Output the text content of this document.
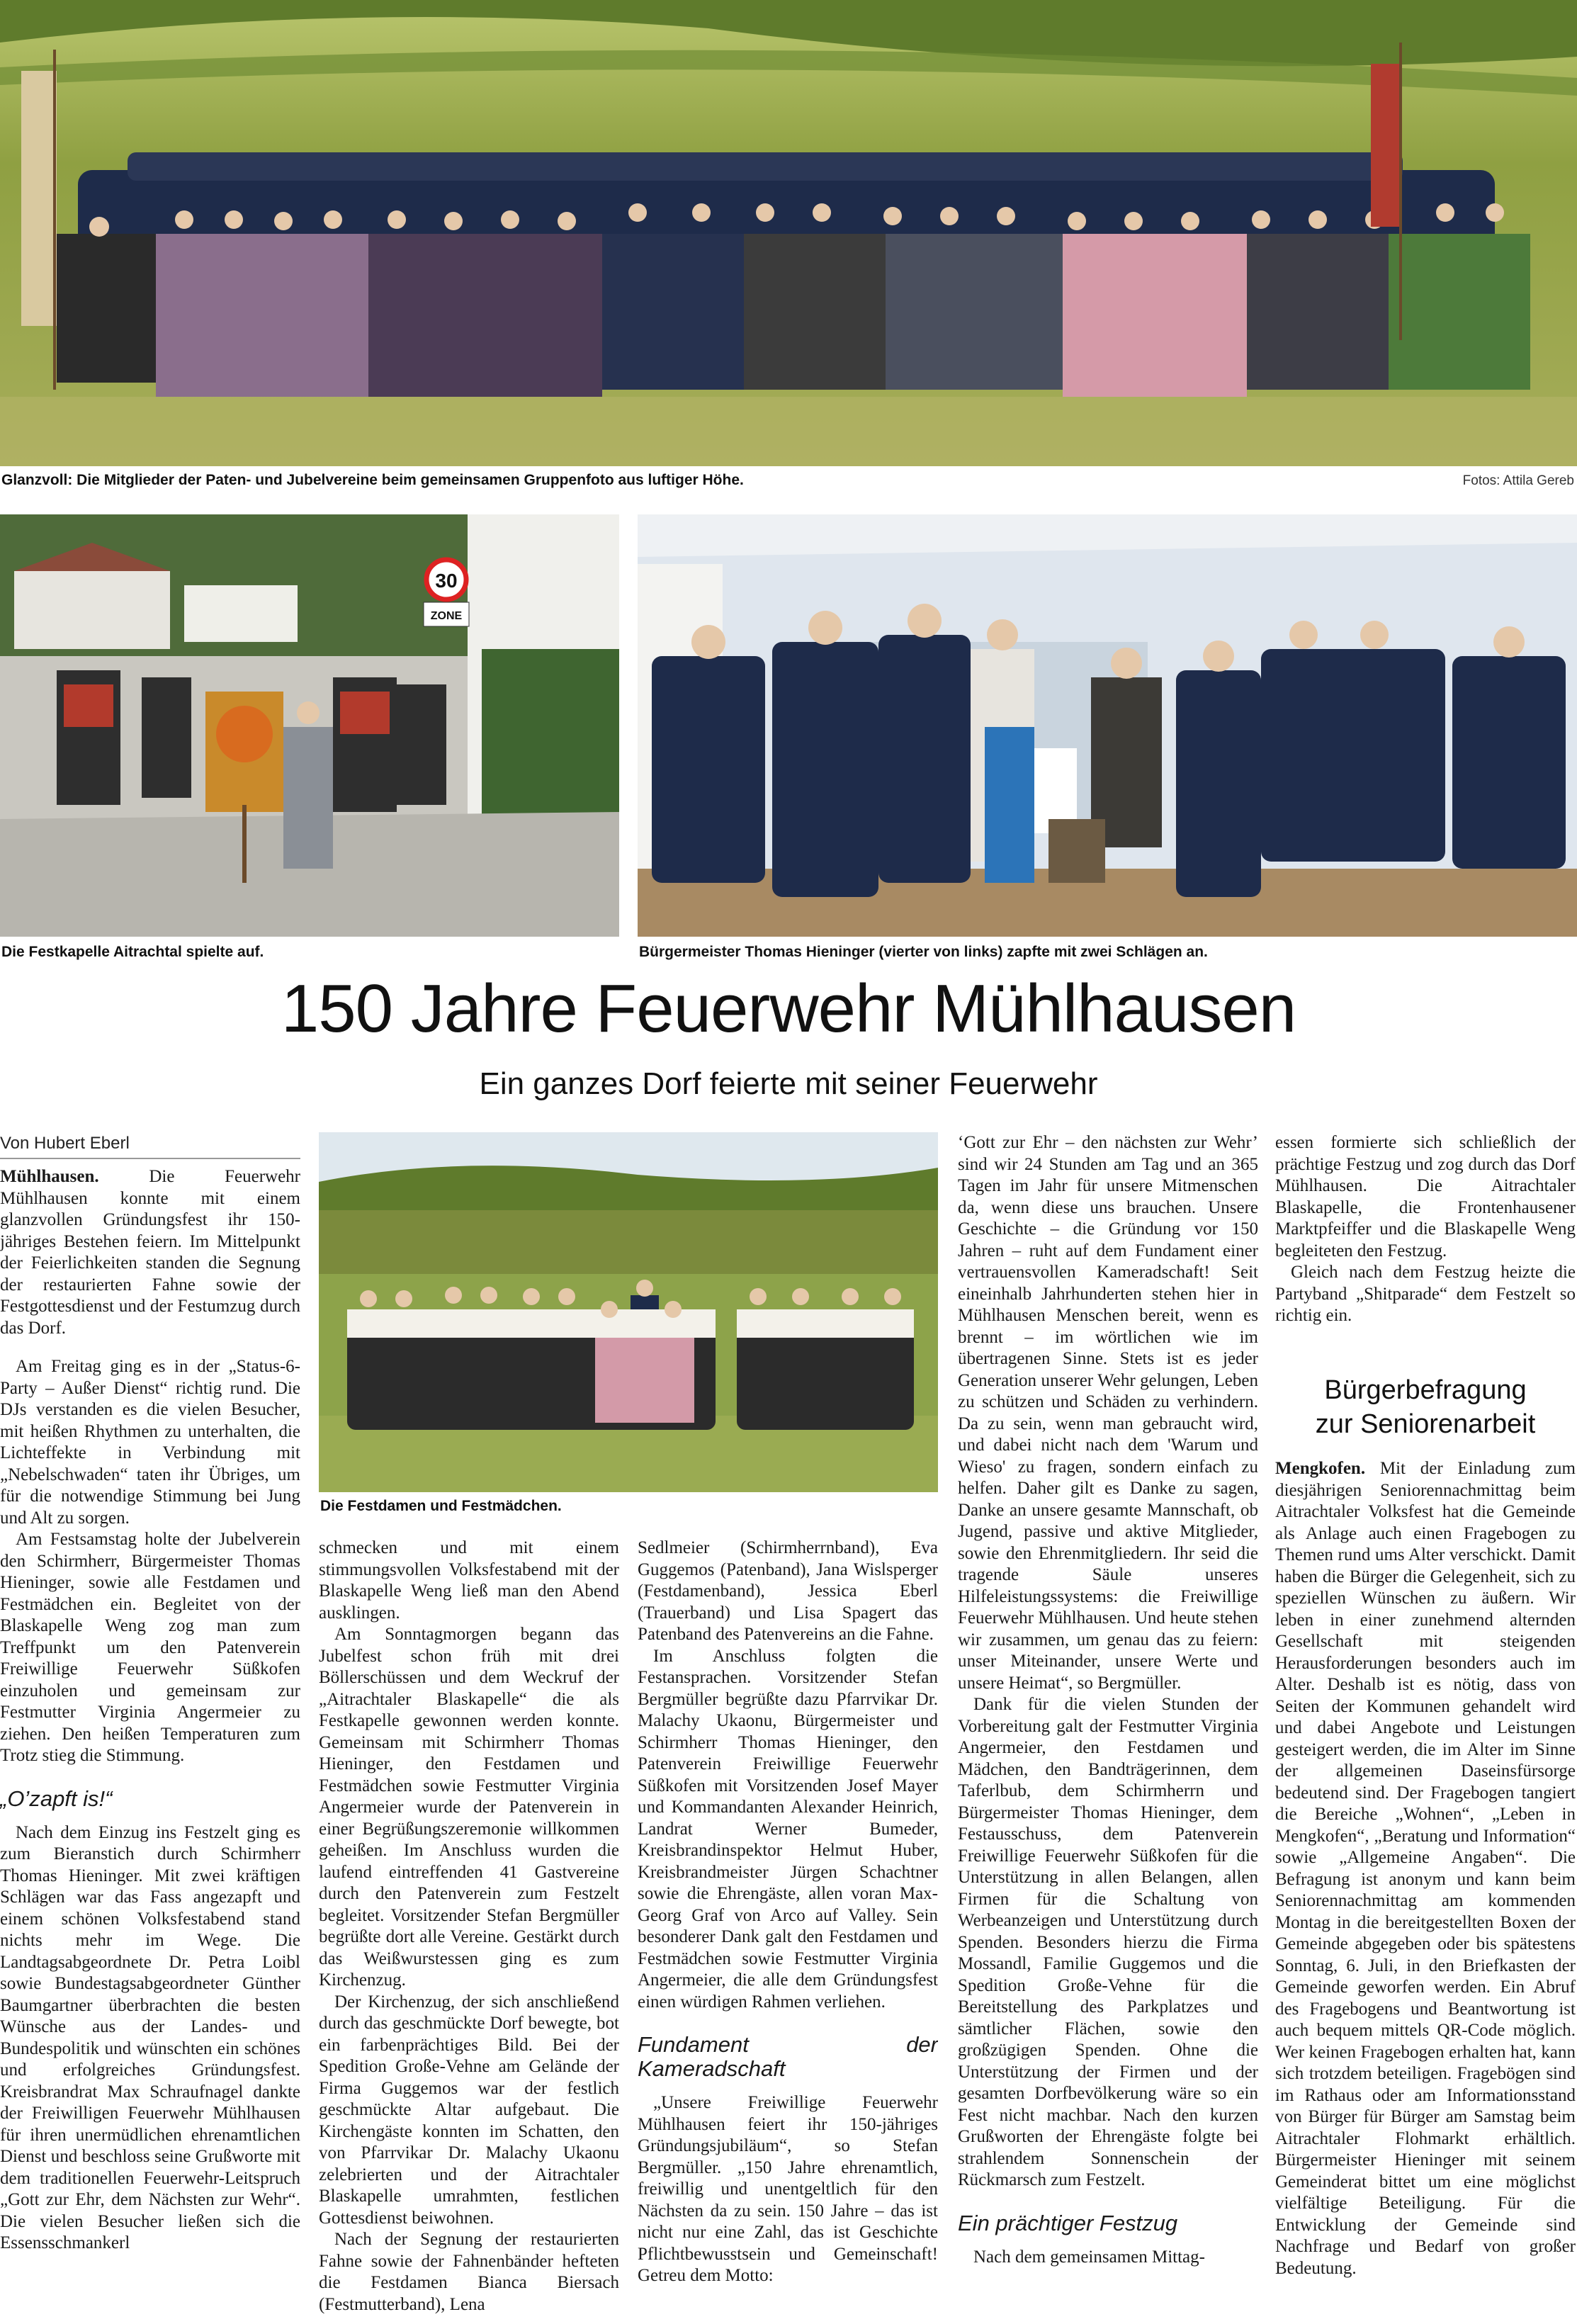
Glanzvoll: Die Mitglieder der Paten- und Jubelvereine beim gemeinsamen Gruppenfoto aus luftiger Höhe.	Fotos: Attila Gereb
30
ZONE
Die Festkapelle Aitrachtal spielte auf.	Bürgermeister Thomas Hieninger (vierter von links) zapfte mit zwei Schlägen an.
150 Jahre Feuerwehr Mühlhausen
Ein ganzes Dorf feierte mit seiner Feuerwehr
Von Hubert Eberl

Mühlhausen. Die Feuerwehr Mühlhausen konnte mit einem glanzvollen Gründungsfest ihr 150-jähriges Bestehen feiern. Im Mittelpunkt der Feierlichkeiten standen die Segnung der restaurierten Fahne sowie der Festgottesdienst und der Festumzug durch das Dorf.

Am Freitag ging es in der „Status-6-Party – Außer Dienst“ richtig rund. Die DJs verstanden es die vielen Besucher, mit heißen Rhythmen zu unterhalten, die Lichteffekte in Verbindung mit „Nebelschwaden“ taten ihr Übriges, um für die notwendige Stimmung bei Jung und Alt zu sorgen.

Am Festsamstag holte der Jubelverein den Schirmherr, Bürgermeister Thomas Hieninger, sowie alle Festdamen und Festmädchen ein. Begleitet von der Blaskapelle Weng zog man zum Treffpunkt um den Patenverein Freiwillige Feuerwehr Süßkofen einzuholen und gemeinsam zur Festmutter Virginia Angermeier zu ziehen. Den heißen Temperaturen zum Trotz stieg die Stimmung.

„O’zapft is!“

Nach dem Einzug ins Festzelt ging es zum Bieranstich durch Schirmherr Thomas Hieninger. Mit zwei kräftigen Schlägen war das Fass angezapft und einem schönen Volksfestabend stand nichts mehr im Wege. Die Landtagsabgeordnete Dr. Petra Loibl sowie Bundestagsabgeordneter Günther Baumgartner überbrachten die besten Wünsche aus der Landes- und Bundespolitik und wünschten ein schönes und erfolgreiches Gründungsfest. Kreisbrandrat Max Schraufnagel dankte der Freiwilligen Feuerwehr Mühlhausen für ihren unermüdlichen ehrenamtlichen Dienst und beschloss seine Grußworte mit dem traditionellen Feuerwehr-Leitspruch „Gott zur Ehr, dem Nächsten zur Wehr“. Die vielen Besucher ließen sich die Essensschmankerl

Die Festdamen und Festmädchen.

schmecken und mit einem stimmungsvollen Volksfestabend mit der Blaskapelle Weng ließ man den Abend ausklingen.

Am Sonntagmorgen begann das Jubelfest schon früh mit drei Böllerschüssen und dem Weckruf der „Aitrachtaler Blaskapelle“ die als Festkapelle gewonnen werden konnte. Gemeinsam mit Schirmherr Thomas Hieninger, den Festdamen und Festmädchen sowie Festmutter Virginia Angermeier wurde der Patenverein in einer Begrüßungszeremonie willkommen geheißen. Im Anschluss wurden die laufend eintreffenden 41 Gastvereine durch den Patenverein zum Festzelt begleitet. Vorsitzender Stefan Bergmüller begrüßte dort alle Vereine. Gestärkt durch das Weißwurstessen ging es zum Kirchenzug.

Der Kirchenzug, der sich anschließend durch das geschmückte Dorf bewegte, bot ein farbenprächtiges Bild. Bei der Spedition Große-Vehne am Gelände der Firma Guggemos war der festlich geschmückte Altar aufgebaut. Die Kirchengäste konnten im Schatten, den von Pfarrvikar Dr. Malachy Ukaonu zelebrierten und der Aitrachtaler Blaskapelle umrahmten, festlichen Gottesdienst beiwohnen.

Nach der Segnung der restaurierten Fahne sowie der Fahnenbänder hefteten die Festdamen Bianca Biersach (Festmutterband), Lena

Sedlmeier (Schirmherrnband), Eva Guggemos (Patenband), Jana Wislsperger (Festdamenband), Jessica Eberl (Trauerband) und Lisa Spagert das Patenband des Patenvereins an die Fahne.

Im Anschluss folgten die Festansprachen. Vorsitzender Stefan Bergmüller begrüßte dazu Pfarrvikar Dr. Malachy Ukaonu, Bürgermeister und Schirmherr Thomas Hieninger, den Patenverein Freiwillige Feuerwehr Süßkofen mit Vorsitzenden Josef Mayer und Kommandanten Alexander Heinrich, Landrat Werner Bumeder, Kreisbrandinspektor Helmut Huber, Kreisbrandmeister Jürgen Schachtner sowie die Ehrengäste, allen voran Max-Georg Graf von Arco auf Valley. Sein besonderer Dank galt den Festdamen und Festmädchen sowie Festmutter Virginia Angermeier, die alle dem Gründungsfest einen würdigen Rahmen verliehen.

Fundament der Kameradschaft

„Unsere Freiwillige Feuerwehr Mühlhausen feiert ihr 150-jähriges Gründungsjubiläum“, so Stefan Bergmüller. „150 Jahre ehrenamtlich, freiwillig und unentgeltlich für den Nächsten da zu sein. 150 Jahre – das ist nicht nur eine Zahl, das ist Geschichte Pflichtbewusstsein und Gemeinschaft! Getreu dem Motto:

‘Gott zur Ehr – den nächsten zur Wehr’ sind wir 24 Stunden am Tag und an 365 Tagen im Jahr für unsere Mitmenschen da, wenn diese uns brauchen. Unsere Geschichte – die Gründung vor 150 Jahren – ruht auf dem Fundament einer vertrauensvollen Kameradschaft! Seit eineinhalb Jahrhunderten stehen hier in Mühlhausen Menschen bereit, wenn es brennt – im wörtlichen wie im übertragenen Sinne. Stets ist es jeder Generation unserer Wehr gelungen, Leben zu schützen und Schäden zu verhindern. Da zu sein, wenn man gebraucht wird, und dabei nicht nach dem 'Warum und Wieso' zu fragen, sondern einfach zu helfen. Daher gilt es Danke zu sagen, Danke an unsere gesamte Mannschaft, ob Jugend, passive und aktive Mitglieder, sowie den Ehrenmitgliedern. Ihr seid die tragende Säule unseres Hilfeleistungssystems: die Freiwillige Feuerwehr Mühlhausen. Und heute stehen wir zusammen, um genau das zu feiern: unser Miteinander, unsere Werte und unsere Heimat“, so Bergmüller.

Dank für die vielen Stunden der Vorbereitung galt der Festmutter Virginia Angermeier, den Festdamen und Mädchen, den Bandträgerinnen, dem Taferlbub, dem Schirmherrn und Bürgermeister Thomas Hieninger, dem Festausschuss, dem Patenverein Freiwillige Feuerwehr Süßkofen für die Unterstützung in allen Belangen, allen Firmen für die Schaltung von Werbeanzeigen und Unterstützung durch Spenden. Besonders hierzu die Firma Mossandl, Familie Guggemos und die Spedition Große-Vehne für die Bereitstellung des Parkplatzes und sämtlicher Flächen, sowie den großzügigen Spenden. Ohne die Unterstützung der Firmen und der gesamten Dorfbevölkerung wäre so ein Fest nicht machbar. Nach den kurzen Grußworten der Ehrengäste folgte bei strahlendem Sonnenschein der Rückmarsch zum Festzelt.

Ein prächtiger Festzug

Nach dem gemeinsamen Mittag-

essen formierte sich schließlich der prächtige Festzug und zog durch das Dorf Mühlhausen. Die Aitrachtaler Blaskapelle, die Frontenhausener Marktpfeiffer und die Blaskapelle Weng begleiteten den Festzug.

Gleich nach dem Festzug heizte die Partyband „Shitparade“ dem Festzelt so richtig ein.

Bürgerbefragung zur Seniorenarbeit

Mengkofen. Mit der Einladung zum diesjährigen Seniorennachmittag beim Aitrachtaler Volksfest hat die Gemeinde als Anlage auch einen Fragebogen zu Themen rund ums Alter verschickt. Damit haben die Bürger die Gelegenheit, sich zu speziellen Wünschen zu äußern. Wir leben in einer zunehmend alternden Gesellschaft mit steigenden Herausforderungen besonders auch im Alter. Deshalb ist es nötig, dass von Seiten der Kommunen gehandelt wird und dabei Angebote und Leistungen gesteigert werden, die im Alter im Sinne der allgemeinen Daseinsfürsorge bedeutend sind. Der Fragebogen tangiert die Bereiche „Wohnen“, „Leben in Mengkofen“, „Beratung und Information“ sowie „Allgemeine Angaben“. Die Befragung ist anonym und kann beim Seniorennachmittag am kommenden Montag in die bereitgestellten Boxen der Gemeinde abgegeben oder bis spätestens Sonntag, 6. Juli, in den Briefkasten der Gemeinde geworfen werden. Ein Abruf des Fragebogens und Beantwortung ist auch bequem mittels QR-Code möglich. Wer keinen Fragebogen erhalten hat, kann sich trotzdem beteiligen. Fragebögen sind im Rathaus oder am Informationsstand von Bürger für Bürger am Samstag beim Aitrachtaler Flohmarkt erhältlich. Bürgermeister Hieninger mit seinem Gemeinderat bittet um eine möglichst vielfältige Beteiligung. Für die Entwicklung der Gemeinde sind Nachfrage und Bedarf von großer Bedeutung.
